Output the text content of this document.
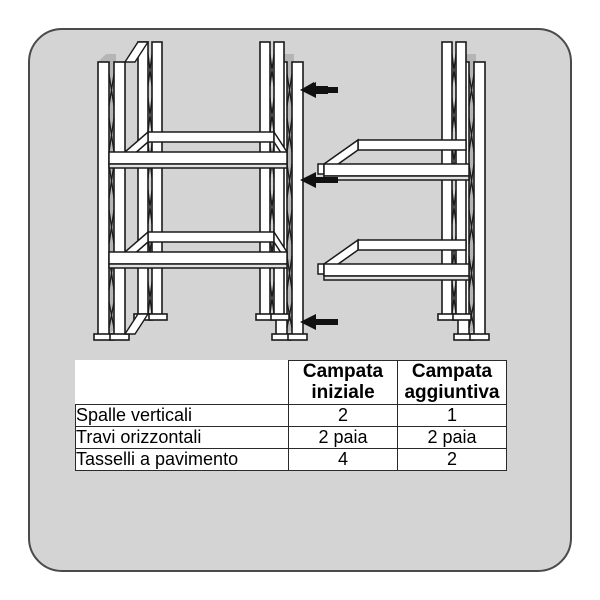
	Campata
iniziale	Campata
aggiuntiva
Spalle verticali	2	1
Travi orizzontali	2 paia	2 paia
Tasselli a pavimento	4	2
